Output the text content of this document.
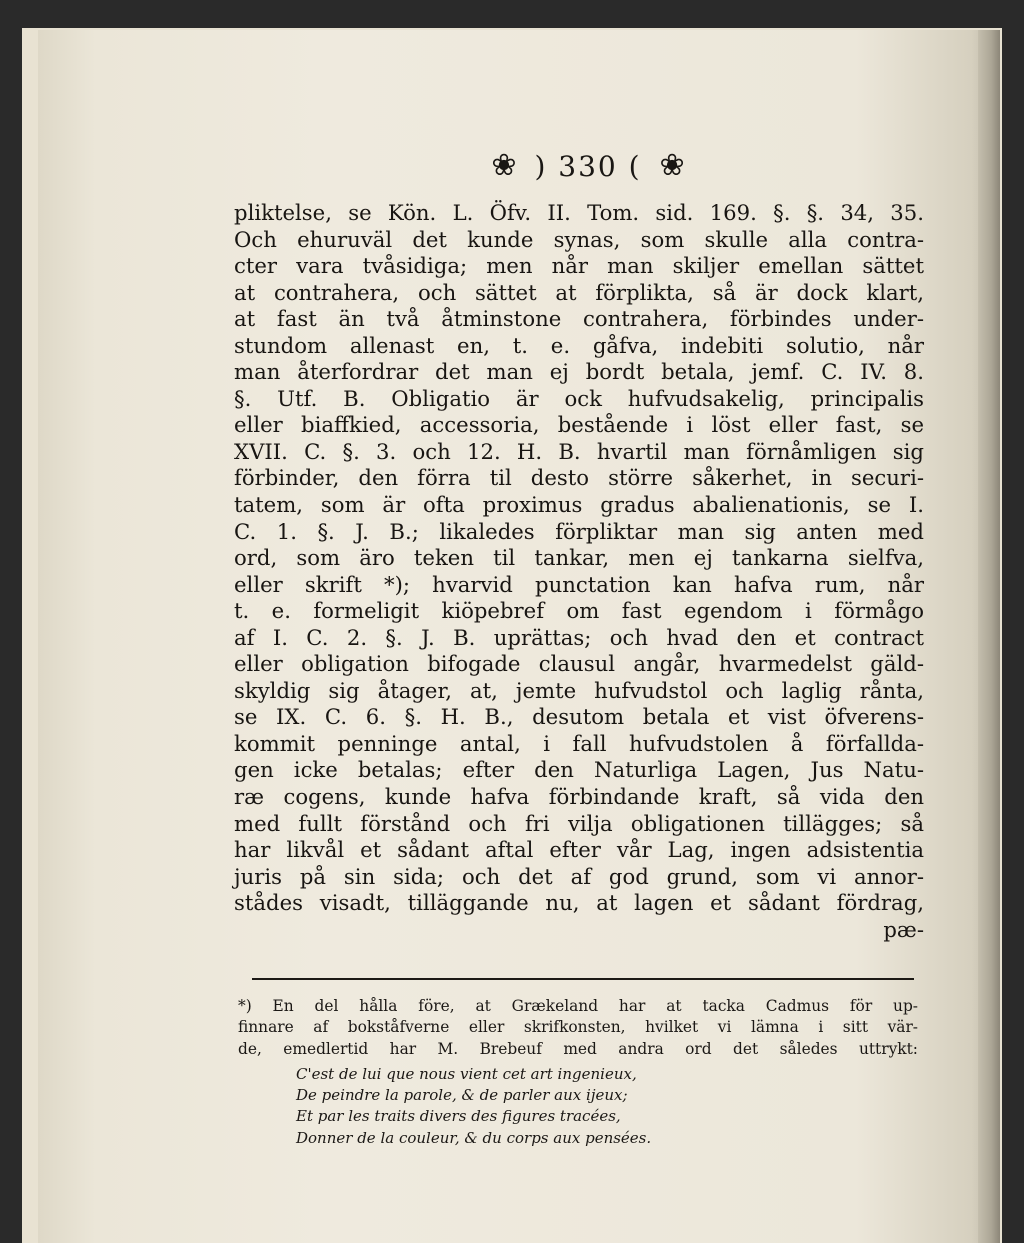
❀ ) 330 ( ❀
pliktelse, se Kön. L. Öfv. II. Tom. sid. 169. §. §. 34, 35.
Och ehuruväl det kunde synas, som skulle alla contra-
cter vara tvåsidiga; men når man skiljer emellan sättet
at contrahera, och sättet at förplikta, så är dock klart,
at fast än två åtminstone contrahera, förbindes under-
stundom allenast en, t. e. gåfva, indebiti solutio, når
man återfordrar det man ej bordt betala, jemf. C. IV. 8.
§. Utf. B. Obligatio är ock hufvudsakelig, principalis
eller biaffkied, accessoria, bestående i löst eller fast, se
XVII. C. §. 3. och 12. H. B. hvartil man förnåmligen sig
förbinder, den förra til desto större såkerhet, in securi-
tatem, som är ofta proximus gradus abalienationis, se I.
C. 1. §. J. B.; likaledes förpliktar man sig anten med
ord, som äro teken til tankar, men ej tankarna sielfva,
eller skrift *); hvarvid punctation kan hafva rum, når
t. e. formeligit kiöpebref om fast egendom i förmågo
af I. C. 2. §. J. B. uprättas; och hvad den et contract
eller obligation bifogade clausul angår, hvarmedelst gäld-
skyldig sig åtager, at, jemte hufvudstol och laglig rånta,
se IX. C. 6. §. H. B., desutom betala et vist öfverens-
kommit penninge antal, i fall hufvudstolen å förfallda-
gen icke betalas; efter den Naturliga Lagen, Jus Natu-
ræ cogens, kunde hafva förbindande kraft, så vida den
med fullt förstånd och fri vilja obligationen tillägges; så
har likvål et sådant aftal efter vår Lag, ingen adsistentia
juris på sin sida; och det af god grund, som vi annor-
stådes visadt, tilläggande nu, at lagen et sådant fördrag,
pæ-
*) En del hålla före, at Grækeland har at tacka Cadmus för up-
finnare af bokståfverne eller skrifkonsten, hvilket vi lämna i sitt vär-
de, emedlertid har M. Brebeuf med andra ord det således uttrykt:
C'est de lui que nous vient cet art ingenieux,
De peindre la parole, & de parler aux ijeux;
Et par les traits divers des figures tracées,
Donner de la couleur, & du corps aux pensées.
